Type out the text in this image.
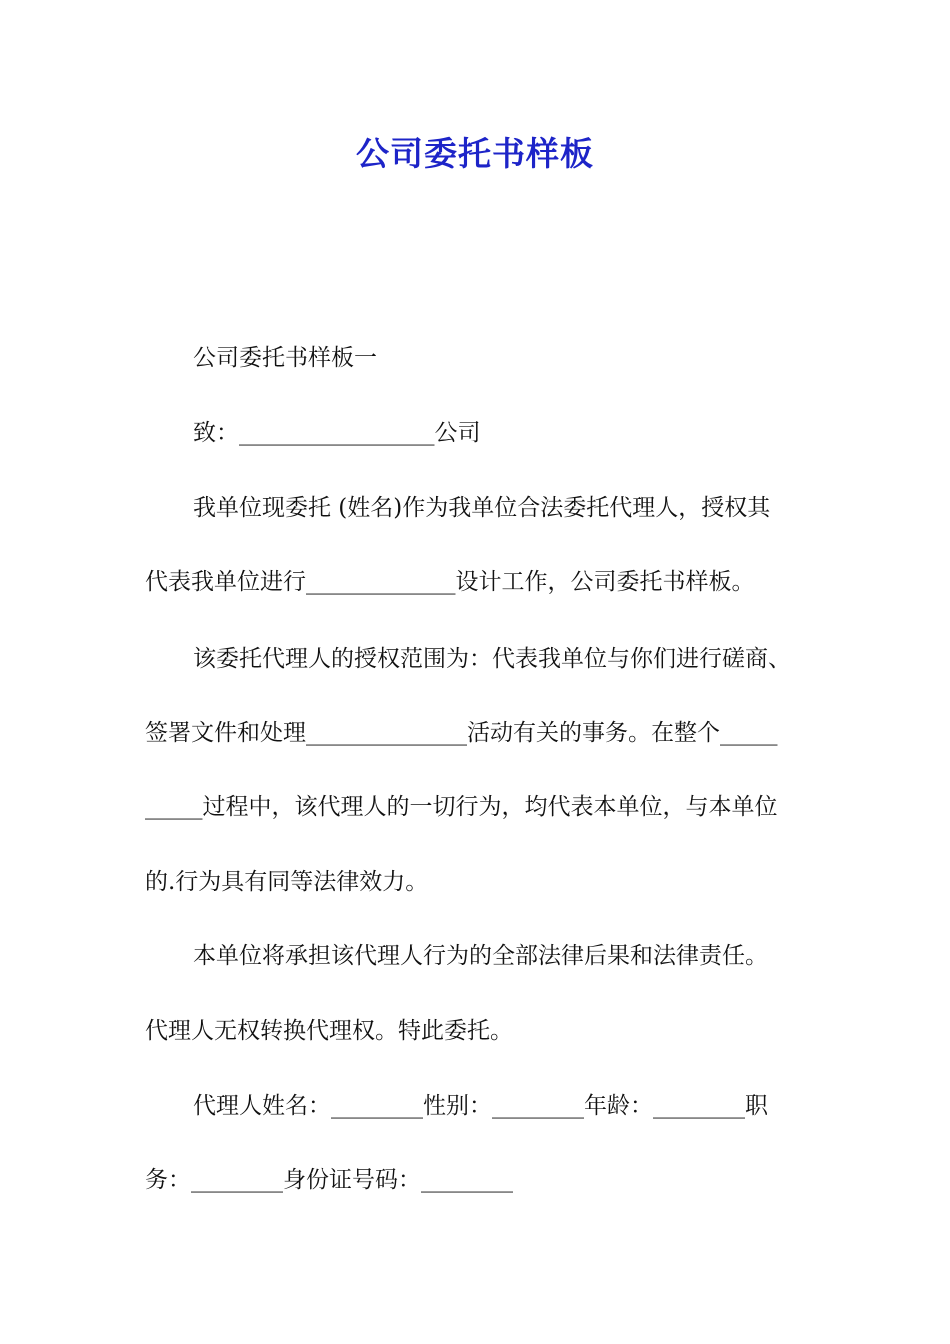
公司委托书样板
公司委托书样板一
致：_________________公司
我单位现委托 (姓名)作为我单位合法委托代理人，授权其
代表我单位进行_____________设计工作，公司委托书样板。
该委托代理人的授权范围为：代表我单位与你们进行磋商、
签署文件和处理______________活动有关的事务。在整个_____
_____过程中，该代理人的一切行为，均代表本单位，与本单位
的.行为具有同等法律效力。
本单位将承担该代理人行为的全部法律后果和法律责任。
代理人无权转换代理权。特此委托。
代理人姓名：________性别：________年龄：________职
务：________身份证号码：________
